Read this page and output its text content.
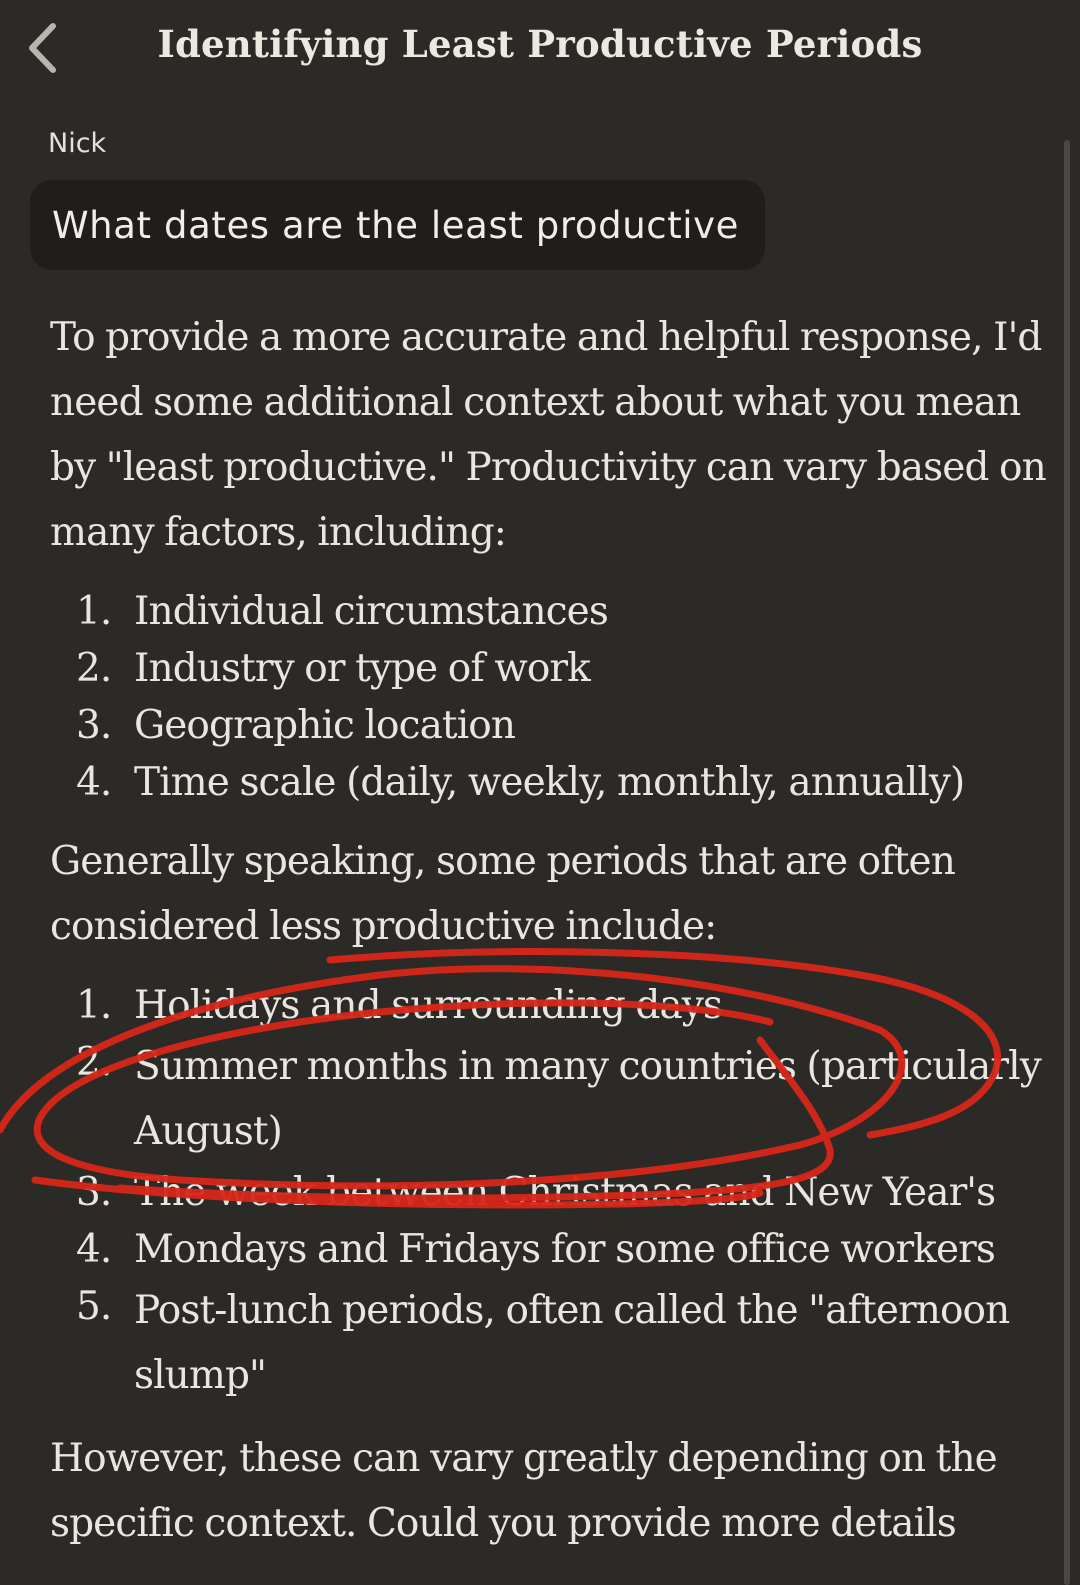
Identifying Least Productive Periods
Nick
What dates are the least productive

To provide a more accurate and helpful response, I'd need some additional context about what you mean by "least productive." Productivity can vary based on many factors, including:

1. Individual circumstances
2. Industry or type of work
3. Geographic location
4. Time scale (daily, weekly, monthly, annually)

Generally speaking, some periods that are often considered less productive include:

1. Holidays and surrounding days
2. Summer months in many countries (particularly August)
3. The week between Christmas and New Year's
4. Mondays and Fridays for some office workers
5. Post-lunch periods, often called the "afternoon slump"

However, these can vary greatly depending on the specific context. Could you provide more details
